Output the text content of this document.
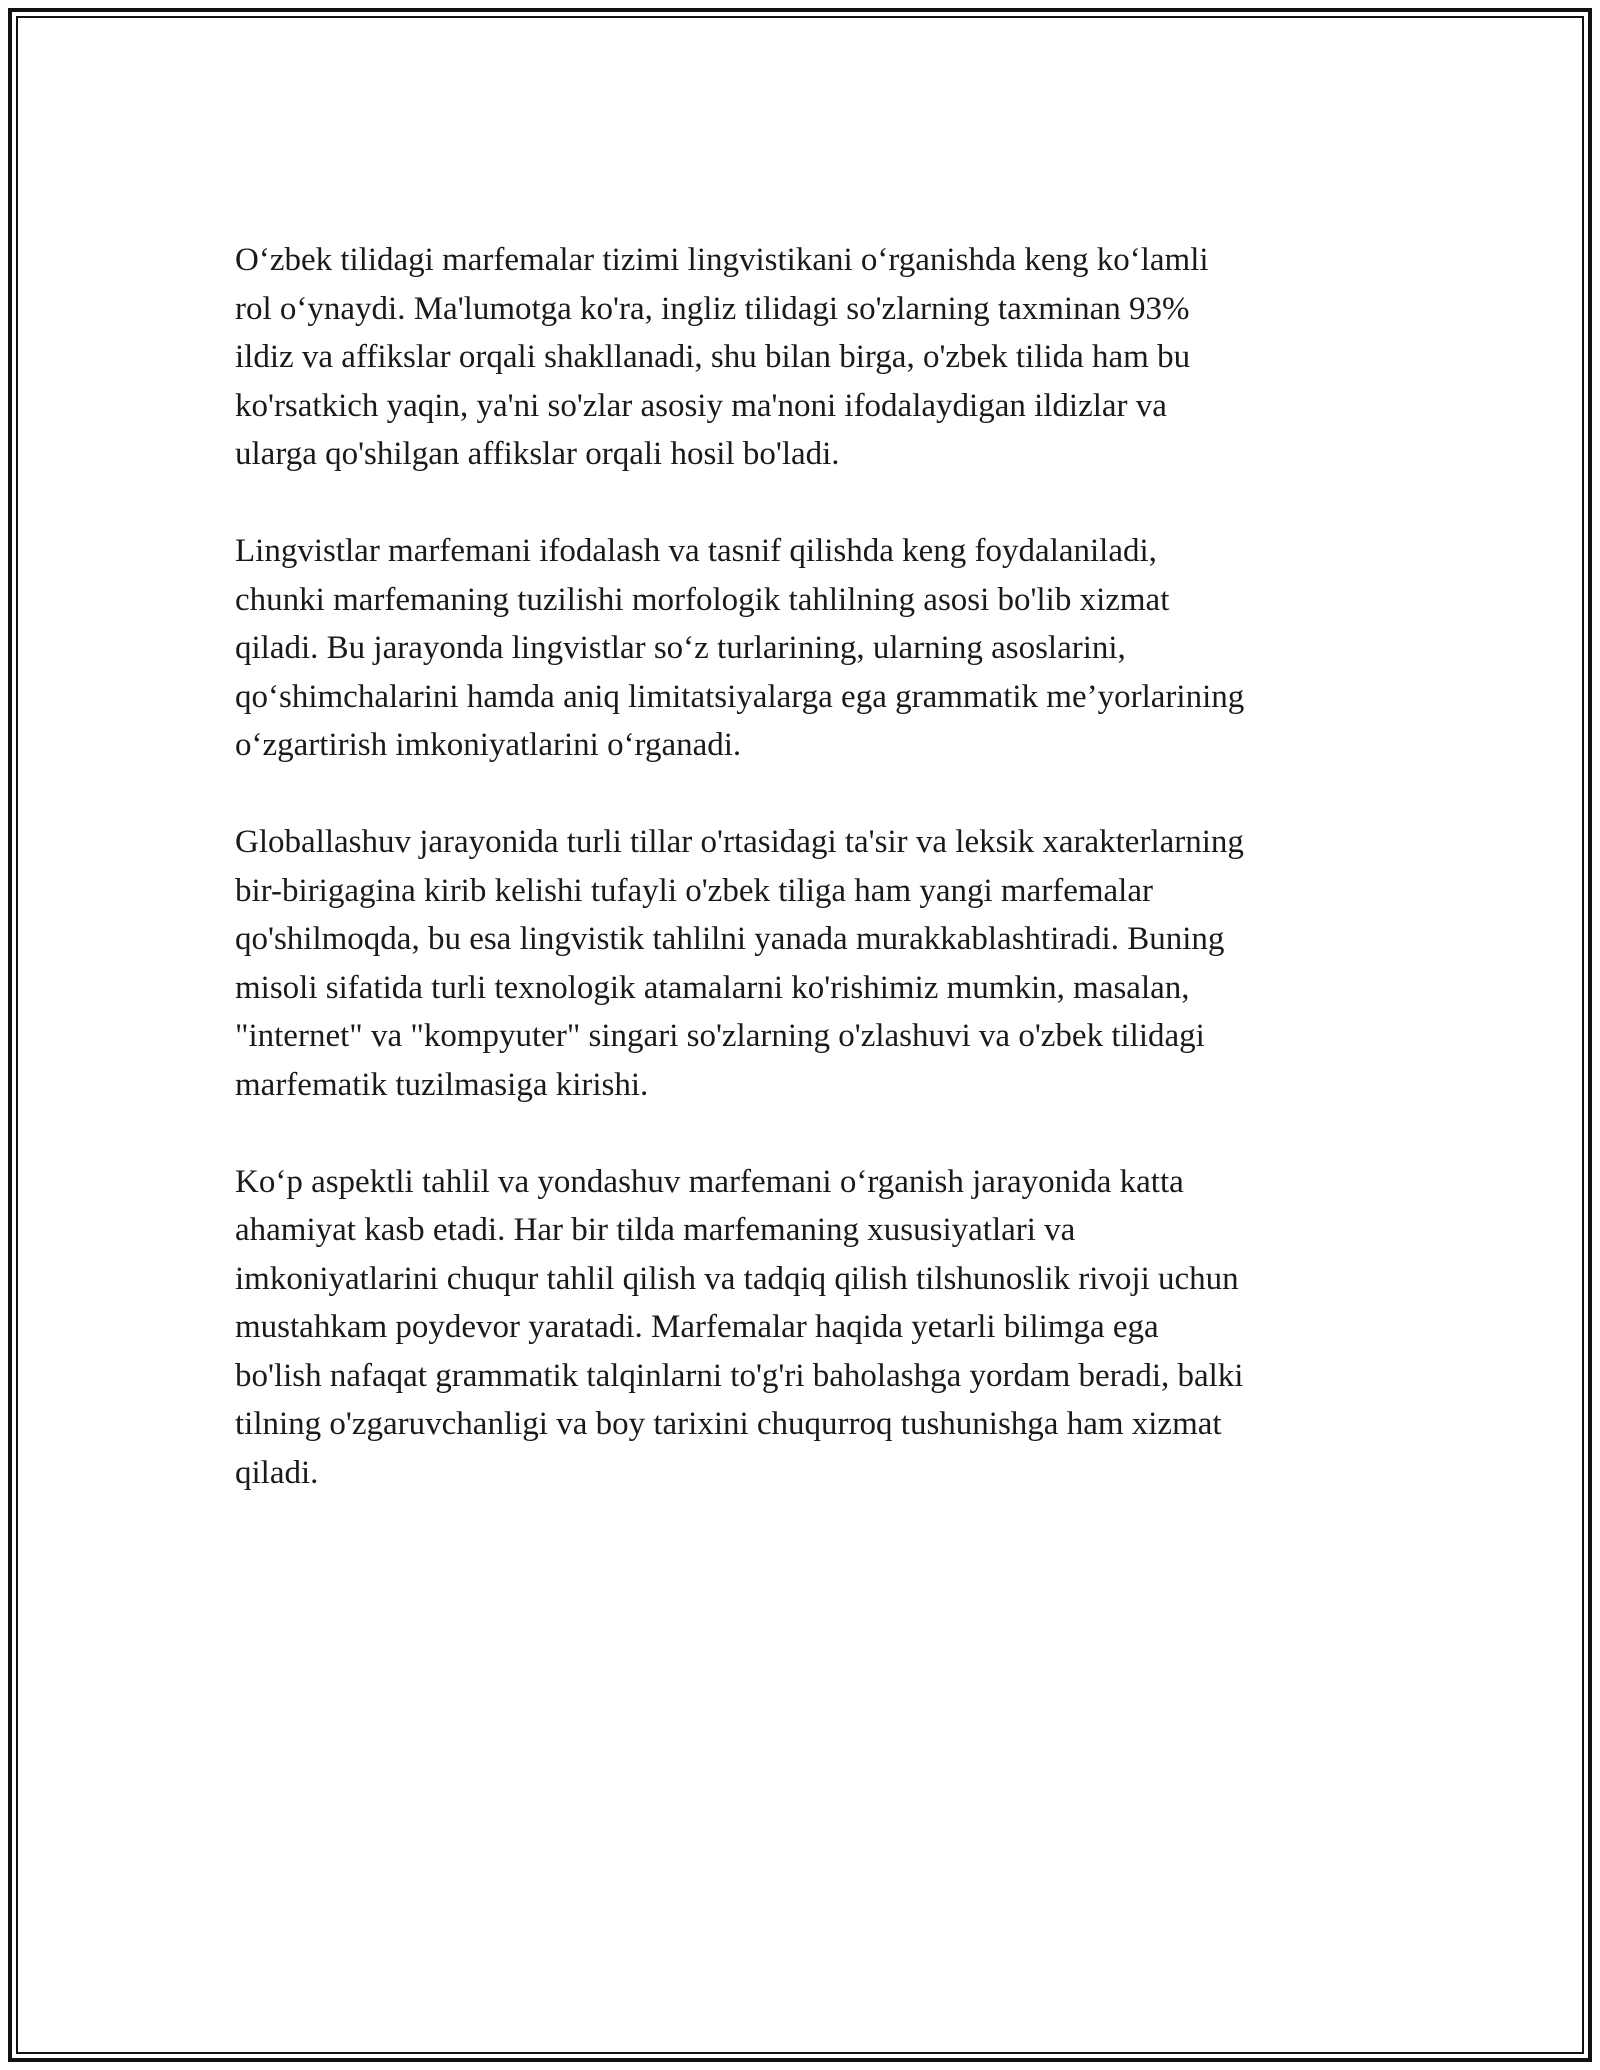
O‘zbek tilidagi marfemalar tizimi lingvistikani o‘rganishda keng ko‘lamli
rol o‘ynaydi. Ma'lumotga ko'ra, ingliz tilidagi so'zlarning taxminan 93%
ildiz va affikslar orqali shakllanadi, shu bilan birga, o'zbek tilida ham bu
ko'rsatkich yaqin, ya'ni so'zlar asosiy ma'noni ifodalaydigan ildizlar va
ularga qo'shilgan affikslar orqali hosil bo'ladi.

Lingvistlar marfemani ifodalash va tasnif qilishda keng foydalaniladi,
chunki marfemaning tuzilishi morfologik tahlilning asosi bo'lib xizmat
qiladi. Bu jarayonda lingvistlar so‘z turlarining, ularning asoslarini,
qo‘shimchalarini hamda aniq limitatsiyalarga ega grammatik me’yorlarining
o‘zgartirish imkoniyatlarini o‘rganadi.

Globallashuv jarayonida turli tillar o'rtasidagi ta'sir va leksik xarakterlarning
bir-birigagina kirib kelishi tufayli o'zbek tiliga ham yangi marfemalar
qo'shilmoqda, bu esa lingvistik tahlilni yanada murakkablashtiradi. Buning
misoli sifatida turli texnologik atamalarni ko'rishimiz mumkin, masalan,
"internet" va "kompyuter" singari so'zlarning o'zlashuvi va o'zbek tilidagi
marfematik tuzilmasiga kirishi.

Ko‘p aspektli tahlil va yondashuv marfemani o‘rganish jarayonida katta
ahamiyat kasb etadi. Har bir tilda marfemaning xususiyatlari va
imkoniyatlarini chuqur tahlil qilish va tadqiq qilish tilshunoslik rivoji uchun
mustahkam poydevor yaratadi. Marfemalar haqida yetarli bilimga ega
bo'lish nafaqat grammatik talqinlarni to'g'ri baholashga yordam beradi, balki
tilning o'zgaruvchanligi va boy tarixini chuqurroq tushunishga ham xizmat
qiladi.
